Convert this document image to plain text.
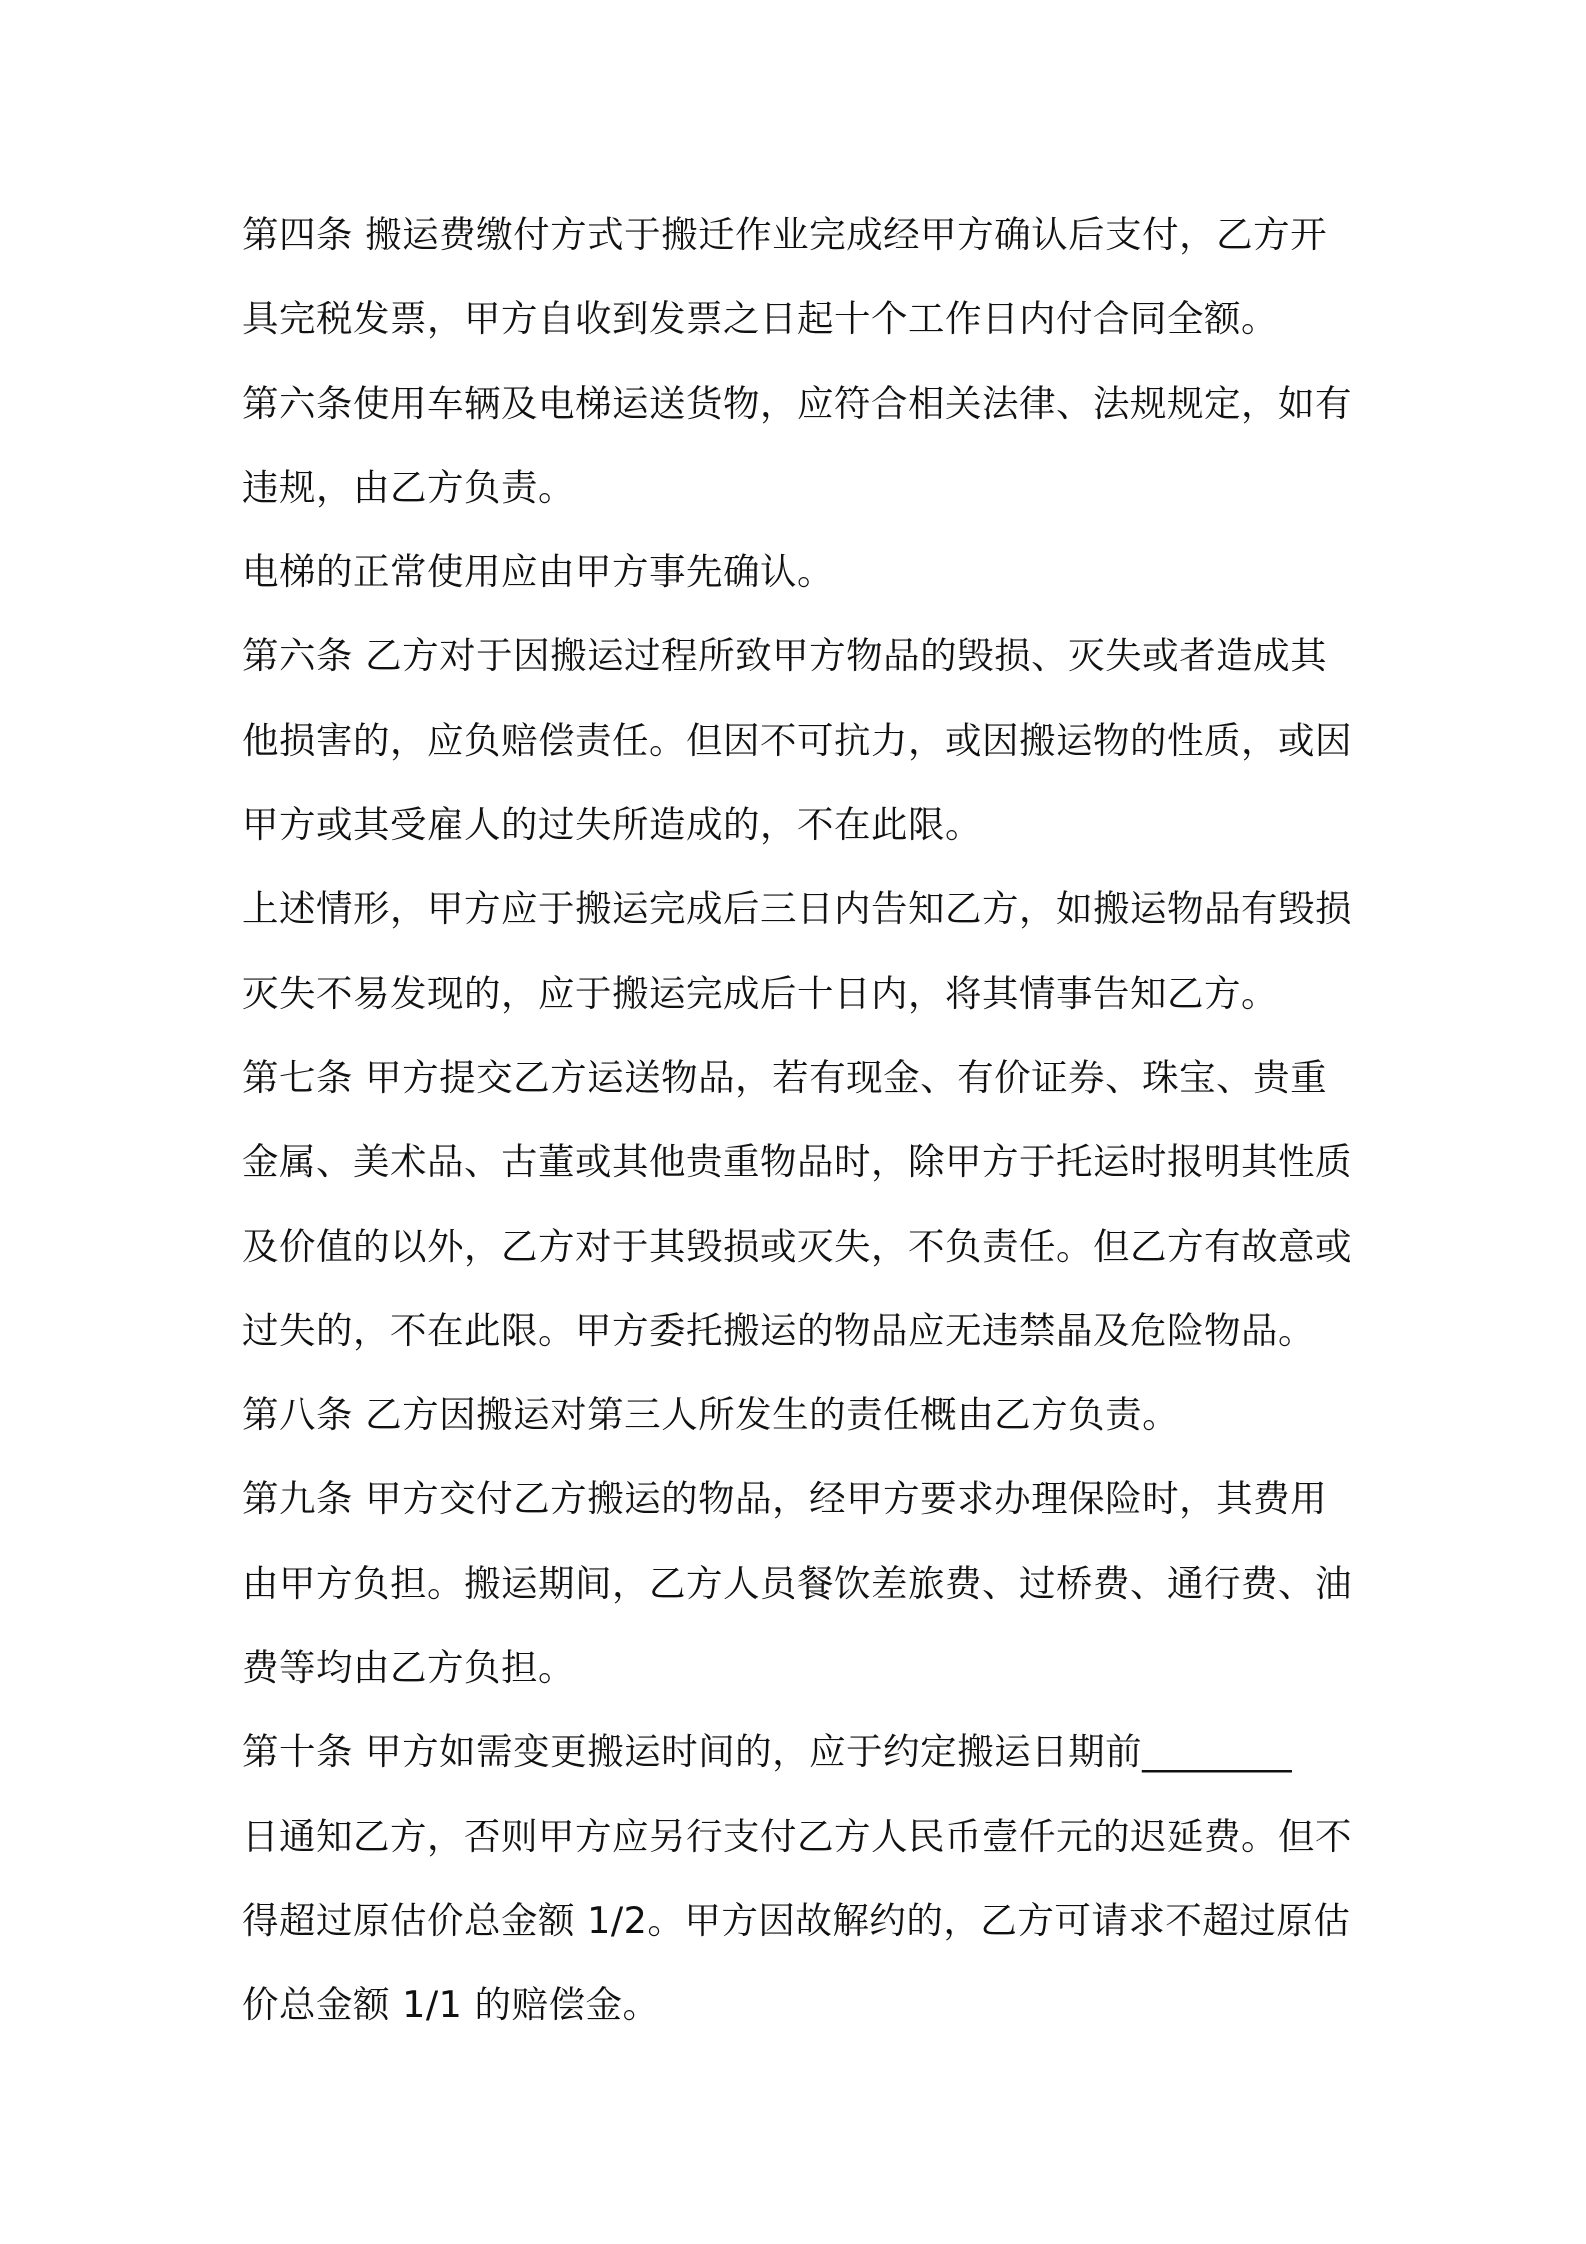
第四条 搬运费缴付方式于搬迁作业完成经甲方确认后支付，乙方开
具完税发票，甲方自收到发票之日起十个工作日内付合同全额。
第六条使用车辆及电梯运送货物，应符合相关法律、法规规定，如有
违规，由乙方负责。
电梯的正常使用应由甲方事先确认。
第六条 乙方对于因搬运过程所致甲方物品的毁损、灭失或者造成其
他损害的，应负赔偿责任。但因不可抗力，或因搬运物的性质，或因
甲方或其受雇人的过失所造成的，不在此限。
上述情形，甲方应于搬运完成后三日内告知乙方，如搬运物品有毁损
灭失不易发现的，应于搬运完成后十日内，将其情事告知乙方。
第七条 甲方提交乙方运送物品，若有现金、有价证券、珠宝、贵重
金属、美术品、古董或其他贵重物品时，除甲方于托运时报明其性质
及价值的以外，乙方对于其毁损或灭失，不负责任。但乙方有故意或
过失的，不在此限。甲方委托搬运的物品应无违禁晶及危险物品。
第八条 乙方因搬运对第三人所发生的责任概由乙方负责。
第九条 甲方交付乙方搬运的物品，经甲方要求办理保险时，其费用
由甲方负担。搬运期间，乙方人员餐饮差旅费、过桥费、通行费、油
费等均由乙方负担。
第十条 甲方如需变更搬运时间的，应于约定搬运日期前________
日通知乙方，否则甲方应另行支付乙方人民币壹仟元的迟延费。但不
得超过原估价总金额 1/2。甲方因故解约的，乙方可请求不超过原估
价总金额 1/1 的赔偿金。
